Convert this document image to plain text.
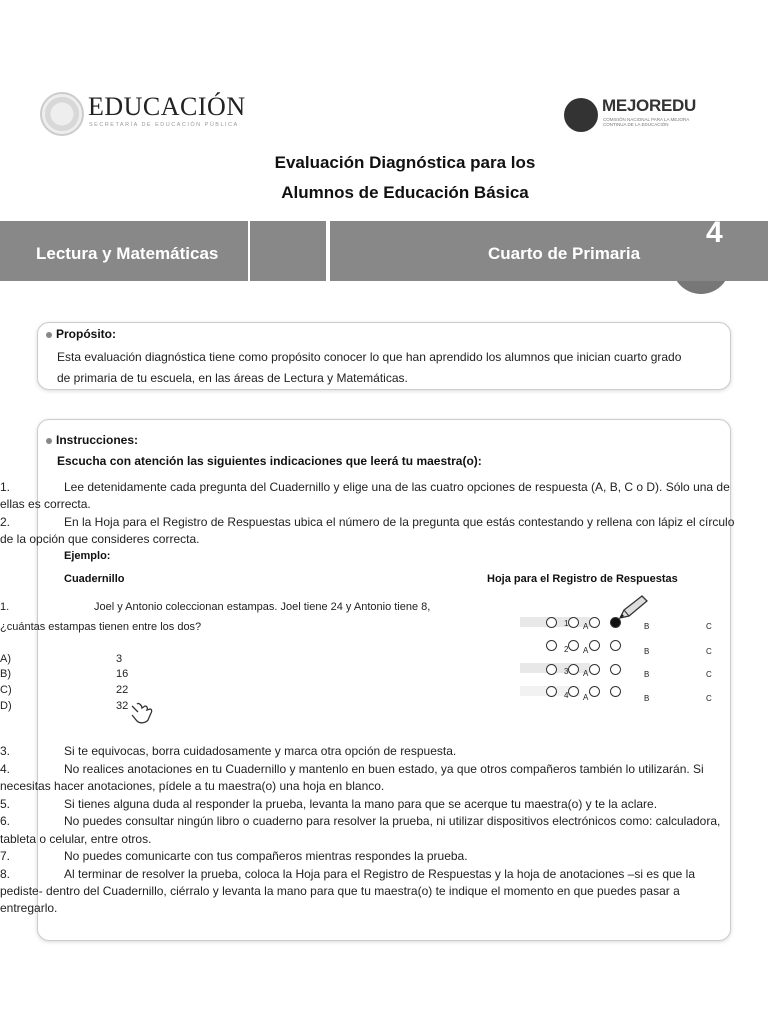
EDUCACIÓN
SECRETARÍA DE EDUCACIÓN PÚBLICA
MEJOREDU
COMISIÓN NACIONAL PARA LA MEJORA CONTINUA DE LA EDUCACIÓN
Evaluación Diagnóstica para los
Alumnos de Educación Básica
Lectura y Matemáticas	Cuarto de Primaria
4
Propósito:
Esta evaluación diagnóstica tiene como propósito conocer lo que han aprendido los alumnos que inician cuarto grado
de primaria de tu escuela, en las áreas de Lectura y Matemáticas.
Instrucciones:
Escucha con atención las siguientes indicaciones que leerá tu maestra(o):
1.	Lee detenidamente cada pregunta del Cuadernillo y elige una de las cuatro opciones de respuesta (A, B, C o D). Sólo una de
ellas es correcta.
2.	En la Hoja para el Registro de Respuestas ubica el número de la pregunta que estás contestando y rellena con lápiz el círculo
de la opción que consideres correcta.
Ejemplo:
Cuadernillo	Hoja para el Registro de Respuestas
1.	Joel y Antonio coleccionan estampas. Joel tiene 24 y Antonio tiene 8,
¿cuántas estampas tienen entre los dos?
A)	3
B)	16
C)	22
D)	32
1 A	B	C
2 A	B	C
3 A	B	C
4 A	B	C
3.	Si te equivocas, borra cuidadosamente y marca otra opción de respuesta.
4.	No realices anotaciones en tu Cuadernillo y mantenlo en buen estado, ya que otros compañeros también lo utilizarán. Si
necesitas hacer anotaciones, pídele a tu maestra(o) una hoja en blanco.
5.	Si tienes alguna duda al responder la prueba, levanta la mano para que se acerque tu maestra(o) y te la aclare.
6.	No puedes consultar ningún libro o cuaderno para resolver la prueba, ni utilizar dispositivos electrónicos como: calculadora,
tableta o celular, entre otros.
7.	No puedes comunicarte con tus compañeros mientras respondes la prueba.
8.	Al terminar de resolver la prueba, coloca la Hoja para el Registro de Respuestas y la hoja de anotaciones –si es que la
pediste- dentro del Cuadernillo, ciérralo y levanta la mano para que tu maestra(o) te indique el momento en que puedes pasar a
entregarlo.
